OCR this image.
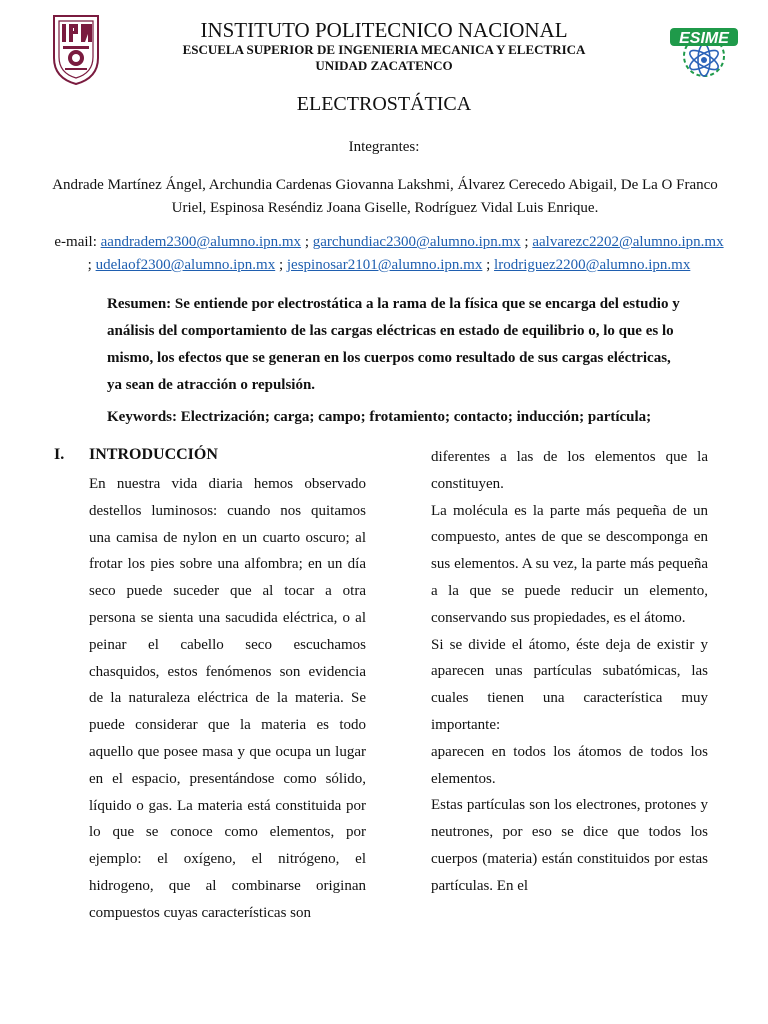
ESIME
INSTITUTO POLITECNICO NACIONAL
ESCUELA SUPERIOR DE INGENIERIA MECANICA Y ELECTRICA
UNIDAD ZACATENCO
ELECTROSTÁTICA
Integrantes:
Andrade Martínez Ángel, Archundia Cardenas Giovanna Lakshmi, Álvarez Cerecedo Abigail, De La O Franco Uriel, Espinosa Reséndiz Joana Giselle, Rodríguez Vidal Luis Enrique.
e-mail: aandradem2300@alumno.ipn.mx ; garchundiac2300@alumno.ipn.mx ; aalvarezc2202@alumno.ipn.mx
; udelaof2300@alumno.ipn.mx ; jespinosar2101@alumno.ipn.mx ; lrodriguez2200@alumno.ipn.mx
Resumen: Se entiende por electrostática a la rama de la física que se encarga del estudio y análisis del comportamiento de las cargas eléctricas en estado de equilibrio o, lo que es lo mismo, los efectos que se generan en los cuerpos como resultado de sus cargas eléctricas, ya sean de atracción o repulsión.
Keywords: Electrización; carga; campo; frotamiento; contacto; inducción; partícula;
I. INTRODUCCIÓN

En nuestra vida diaria hemos observado destellos luminosos: cuando nos quitamos una camisa de nylon en un cuarto oscuro; al frotar los pies sobre una alfombra; en un día seco puede suceder que al tocar a otra persona se sienta una sacudida eléctrica, o al peinar el cabello seco escuchamos chasquidos, estos fenómenos son evidencia de la naturaleza eléctrica de la materia. Se puede considerar que la materia es todo aquello que posee masa y que ocupa un lugar en el espacio, presentándose como sólido, líquido o gas. La materia está constituida por lo que se conoce como elementos, por ejemplo: el oxígeno, el nitrógeno, el hidrogeno, que al combinarse originan compuestos cuyas características son

diferentes a las de los elementos que la constituyen.

La molécula es la parte más pequeña de un compuesto, antes de que se descomponga en sus elementos. A su vez, la parte más pequeña a la que se puede reducir un elemento, conservando sus propiedades, es el átomo.

Si se divide el átomo, éste deja de existir y aparecen unas partículas subatómicas, las cuales tienen una característica muy importante:

aparecen en todos los átomos de todos los elementos.

Estas partículas son los electrones, protones y neutrones, por eso se dice que todos los cuerpos (materia) están constituidos por estas partículas. En el
